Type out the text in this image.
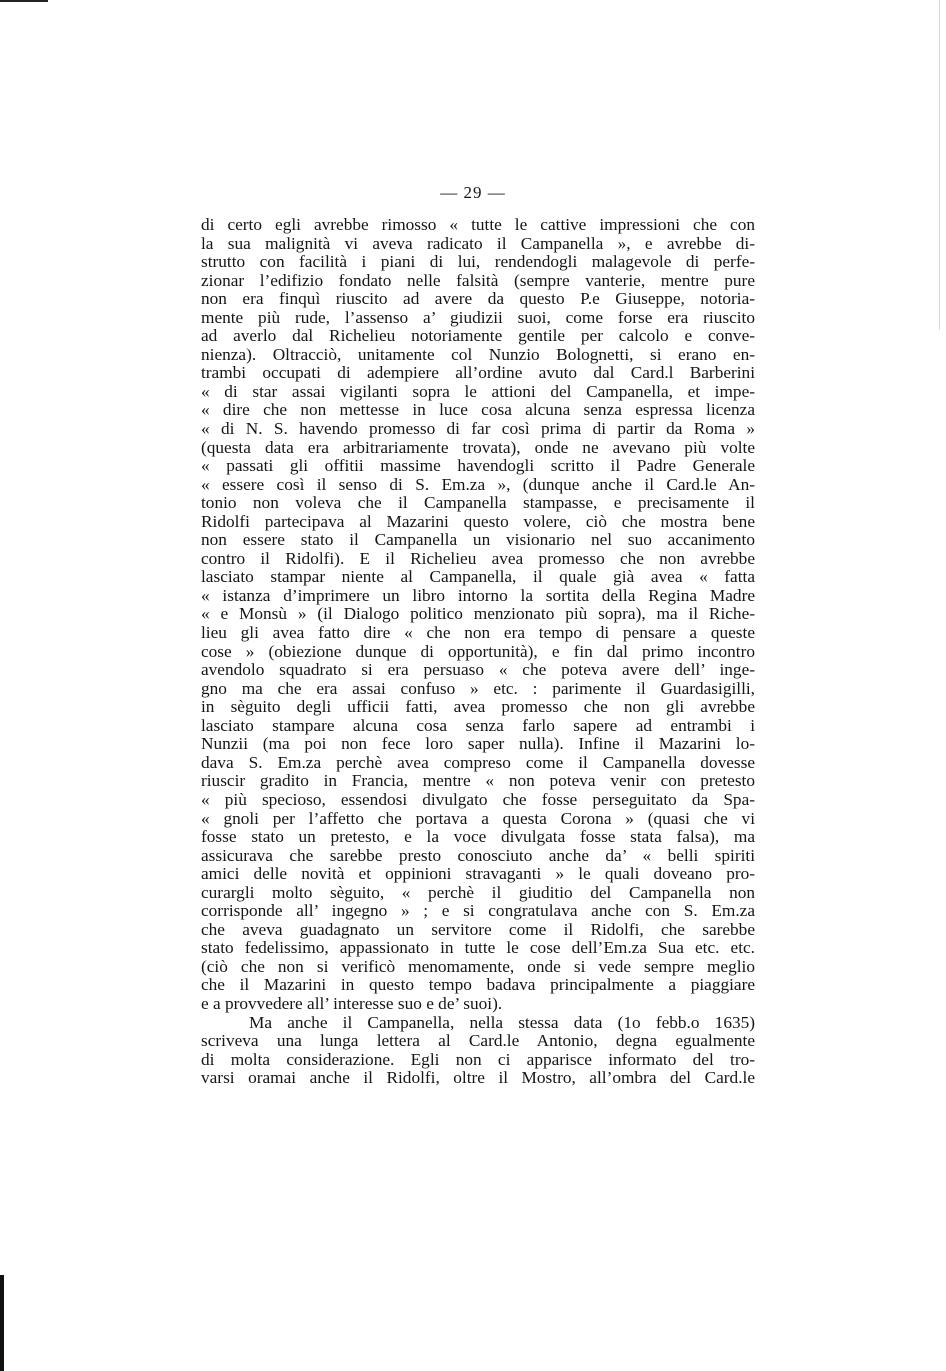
— 29 —
di certo egli avrebbe rimosso « tutte le cattive impressioni che con
la sua malignità vi aveva radicato il Campanella », e avrebbe di-
strutto con facilità i piani di lui, rendendogli malagevole di perfe-
zionar l’edifizio fondato nelle falsità (sempre vanterie, mentre pure
non era finquì riuscito ad avere da questo P.e Giuseppe, notoria-
mente più rude, l’assenso a’ giudizii suoi, come forse era riuscito
ad averlo dal Richelieu notoriamente gentile per calcolo e conve-
nienza). Oltracciò, unitamente col Nunzio Bolognetti, si erano en-
trambi occupati di adempiere all’ordine avuto dal Card.l Barberini
« di star assai vigilanti sopra le attioni del Campanella, et impe-
« dire che non mettesse in luce cosa alcuna senza espressa licenza
« di N. S. havendo promesso di far così prima di partir da Roma »
(questa data era arbitrariamente trovata), onde ne avevano più volte
« passati gli offitii massime havendogli scritto il Padre Generale
« essere così il senso di S. Em.za », (dunque anche il Card.le An-
tonio non voleva che il Campanella stampasse, e precisamente il
Ridolfi partecipava al Mazarini questo volere, ciò che mostra bene
non essere stato il Campanella un visionario nel suo accanimento
contro il Ridolfi). E il Richelieu avea promesso che non avrebbe
lasciato stampar niente al Campanella, il quale già avea « fatta
« istanza d’imprimere un libro intorno la sortita della Regina Madre
« e Monsù » (il Dialogo politico menzionato più sopra), ma il Riche-
lieu gli avea fatto dire « che non era tempo di pensare a queste
cose » (obiezione dunque di opportunità), e fin dal primo incontro
avendolo squadrato si era persuaso « che poteva avere dell’ inge-
gno ma che era assai confuso » etc. : parimente il Guardasigilli,
in sèguito degli ufficii fatti, avea promesso che non gli avrebbe
lasciato stampare alcuna cosa senza farlo sapere ad entrambi i
Nunzii (ma poi non fece loro saper nulla). Infine il Mazarini lo-
dava S. Em.za perchè avea compreso come il Campanella dovesse
riuscir gradito in Francia, mentre « non poteva venir con pretesto
« più specioso, essendosi divulgato che fosse perseguitato da Spa-
« gnoli per l’affetto che portava a questa Corona » (quasi che vi
fosse stato un pretesto, e la voce divulgata fosse stata falsa), ma
assicurava che sarebbe presto conosciuto anche da’ « belli spiriti
amici delle novità et oppinioni stravaganti » le quali doveano pro-
curargli molto sèguito, « perchè il giuditio del Campanella non
corrisponde all’ ingegno » ; e si congratulava anche con S. Em.za
che aveva guadagnato un servitore come il Ridolfi, che sarebbe
stato fedelissimo, appassionato in tutte le cose dell’Em.za Sua etc. etc.
(ciò che non si verificò menomamente, onde si vede sempre meglio
che il Mazarini in questo tempo badava principalmente a piaggiare
e a provvedere all’ interesse suo e de’ suoi).
Ma anche il Campanella, nella stessa data (1o febb.o 1635)
scriveva una lunga lettera al Card.le Antonio, degna egualmente
di molta considerazione. Egli non ci apparisce informato del tro-
varsi oramai anche il Ridolfi, oltre il Mostro, all’ombra del Card.le
